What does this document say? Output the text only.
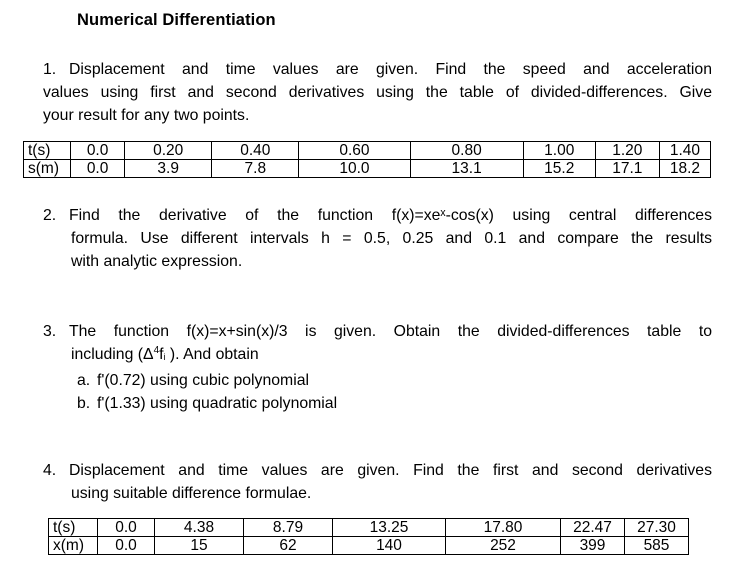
Numerical Differentiation
1. Displacement and time values are given. Find the speed and acceleration
values using first and second derivatives using the table of divided-differences. Give
your result for any two points.
t(s)	0.0	0.20	0.40	0.60	0.80	1.00	1.20	1.40
s(m)	0.0	3.9	7.8	10.0	13.1	15.2	17.1	18.2
2. Find the derivative of the function f(x)=xeˣ-cos(x) using central differences
formula. Use different intervals h = 0.5, 0.25 and 0.1 and compare the results
with analytic expression.
3. The function f(x)=x+sin(x)/3 is given. Obtain the divided-differences table to
including ($\Delta^4fi$ ). And obtain
a. f'(0.72) using cubic polynomial
b. f'(1.33) using quadratic polynomial
4. Displacement and time values are given. Find the first and second derivatives
using suitable difference formulae.
t(s)	0.0	4.38	8.79	13.25	17.80	22.47	27.30
x(m)	0.0	15	62	140	252	399	585
